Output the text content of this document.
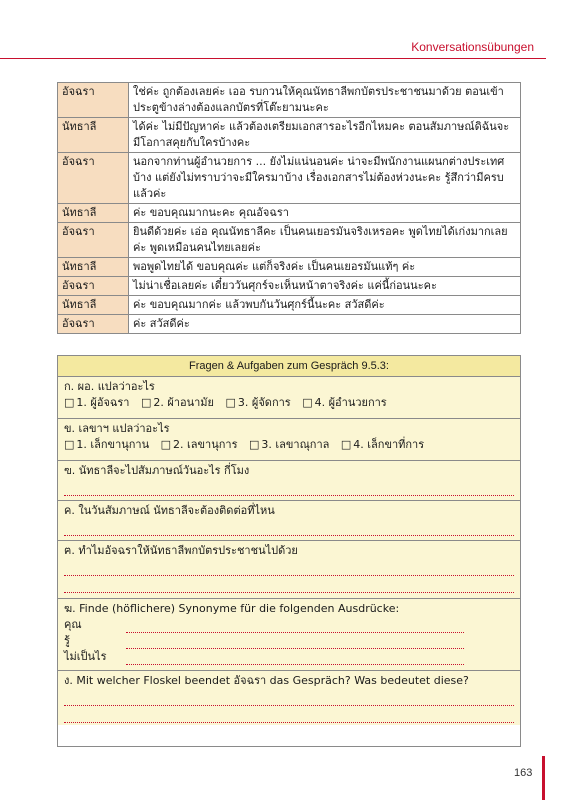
Konversationsübungen
อัจฉรา	ใช่ค่ะ ถูกต้องเลยค่ะ เออ รบกวนให้คุณนัทธาลีพกบัตรประชาชนมาด้วย ตอนเข้าประตูข้างล่างต้องแลกบัตรที่โต๊ะยามนะคะ
นัทธาลี	ได้ค่ะ ไม่มีปัญหาค่ะ แล้วต้องเตรียมเอกสารอะไรอีกไหมคะ ตอนสัมภาษณ์ดิฉันจะมีโอกาสคุยกับใครบ้างคะ
อัจฉรา	นอกจากท่านผู้อำนวยการ ... ยังไม่แน่นอนค่ะ น่าจะมีพนักงานแผนกต่างประเทศบ้าง แต่ยังไม่ทราบว่าจะมีใครมาบ้าง เรื่องเอกสารไม่ต้องห่วงนะคะ รู้สึกว่ามีครบแล้วค่ะ
นัทธาลี	ค่ะ ขอบคุณมากนะคะ คุณอัจฉรา
อัจฉรา	ยินดีด้วยค่ะ เอ่อ คุณนัทธาลีคะ เป็นคนเยอรมันจริงเหรอคะ พูดไทยได้เก่งมากเลยค่ะ พูดเหมือนคนไทยเลยค่ะ
นัทธาลี	พอพูดไทยได้ ขอบคุณค่ะ แต่ก็จริงค่ะ เป็นคนเยอรมันแท้ๆ ค่ะ
อัจฉรา	ไม่น่าเชื่อเลยค่ะ เดี๋ยววันศุกร์จะเห็นหน้าตาจริงค่ะ แค่นี้ก่อนนะคะ
นัทธาลี	ค่ะ ขอบคุณมากค่ะ แล้วพบกันวันศุกร์นี้นะคะ สวัสดีค่ะ
อัจฉรา	ค่ะ สวัสดีค่ะ
Fragen & Aufgaben zum Gespräch 9.5.3:
ก. ผอ. แปลว่าอะไร
□ 1. ผู้อัจฉรา □ 2. ผ้าอนามัย □ 3. ผู้จัดการ □ 4. ผู้อำนวยการ
ข. เลขาฯ แปลว่าอะไร
□ 1. เล็กขานุกาน □ 2. เลขานุการ □ 3. เลขาณุกาล □ 4. เล็กขาที่การ
ฃ. นัทธาลีจะไปสัมภาษณ์วันอะไร กี่โมง
ค. ในวันสัมภาษณ์ นัทธาลีจะต้องติดต่อที่ไหน
ฅ. ทำไมอัจฉราให้นัทธาลีพกบัตรประชาชนไปด้วย
ฆ. Finde (höflichere) Synonyme für die folgenden Ausdrücke:
คุณ
รู้
ไม่เป็นไร
ง. Mit welcher Floskel beendet อัจฉรา das Gespräch? Was bedeutet diese?
163
